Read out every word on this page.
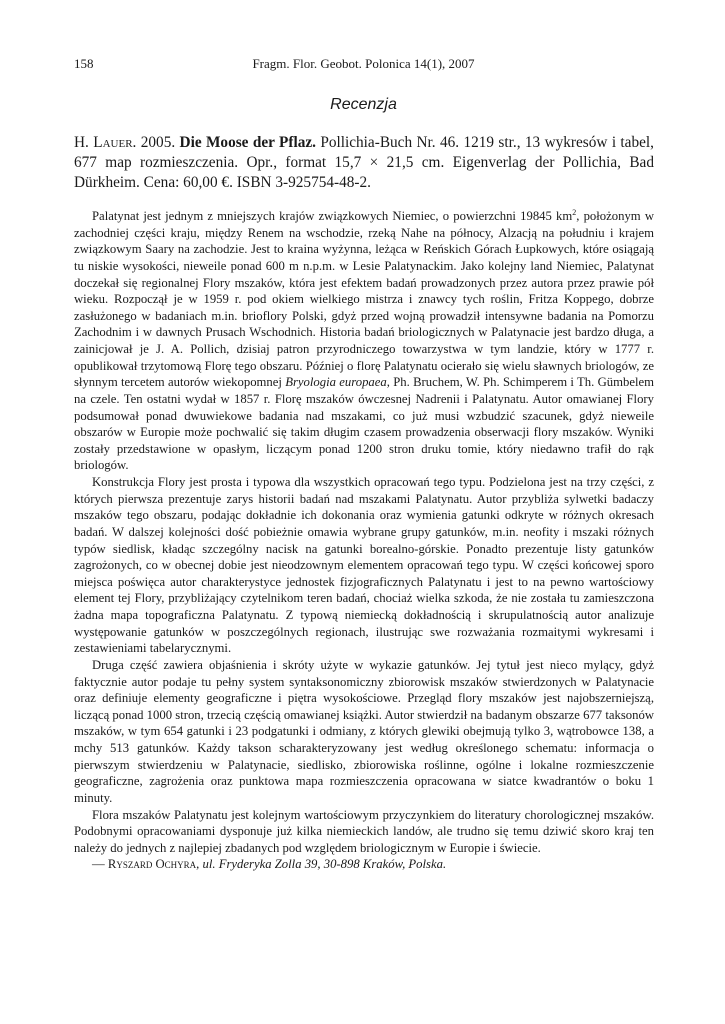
158	Fragm. Flor. Geobot. Polonica 14(1), 2007
Recenzja
H. Lauer. 2005. Die Moose der Pflaz. Pollichia-Buch Nr. 46. 1219 str., 13 wykresów i tabel, 677 map rozmieszczenia. Opr., format 15,7 × 21,5 cm. Eigenverlag der Pollichia, Bad Dürkheim. Cena: 60,00 €. ISBN 3-925754-48-2.

Palatynat jest jednym z mniejszych krajów związkowych Niemiec, o powierzchni 19845 $km^2$, położonym w zachodniej części kraju, między Renem na wschodzie, rzeką Nahe na północy, Alzacją na południu i krajem związkowym Saary na zachodzie. Jest to kraina wyżynna, leżąca w Reńskich Górach Łupkowych, które osiągają tu niskie wysokości, nieweile ponad 600 m n.p.m. w Lesie Palatynackim. Jako kolejny land Niemiec, Palatynat doczekał się regionalnej Flory mszaków, która jest efektem badań prowadzonych przez autora przez prawie pół wieku. Rozpoczął je w 1959 r. pod okiem wielkiego mistrza i znawcy tych roślin, Fritza Koppego, dobrze zasłużonego w badaniach m.in. brioflory Polski, gdyż przed wojną prowadził intensywne badania na Pomorzu Zachodnim i w dawnych Prusach Wschodnich. Historia badań briologicznych w Palatynacie jest bardzo długa, a zainicjował je J. A. Pollich, dzisiaj patron przyrodniczego towarzystwa w tym landzie, który w 1777 r. opublikował trzytomową Florę tego obszaru. Później o florę Palatynatu ocierało się wielu sławnych briologów, ze słynnym tercetem autorów wiekopomnej Bryologia europaea, Ph. Bruchem, W. Ph. Schimperem i Th. Gümbelem na czele. Ten ostatni wydał w 1857 r. Florę mszaków ówczesnej Nadrenii i Palatynatu. Autor omawianej Flory podsumował ponad dwuwiekowe badania nad mszakami, co już musi wzbudzić szacunek, gdyż nieweile obszarów w Europie może pochwalić się takim długim czasem prowadzenia obserwacji flory mszaków. Wyniki zostały przedstawione w opasłym, liczącym ponad 1200 stron druku tomie, który niedawno trafił do rąk briologów.

Konstrukcja Flory jest prosta i typowa dla wszystkich opracowań tego typu. Podzielona jest na trzy części, z których pierwsza prezentuje zarys historii badań nad mszakami Palatynatu. Autor przybliża sylwetki badaczy mszaków tego obszaru, podając dokładnie ich dokonania oraz wymienia gatunki odkryte w różnych okresach badań. W dalszej kolejności dość pobieżnie omawia wybrane grupy gatunków, m.in. neofity i mszaki różnych typów siedlisk, kładąc szczególny nacisk na gatunki borealno-górskie. Ponadto prezentuje listy gatunków zagrożonych, co w obecnej dobie jest nieodzownym elementem opracowań tego typu. W części końcowej sporo miejsca poświęca autor charakterystyce jednostek fizjograficznych Palatynatu i jest to na pewno wartościowy element tej Flory, przybliżający czytelnikom teren badań, chociaż wielka szkoda, że nie została tu zamieszczona żadna mapa topograficzna Palatynatu. Z typową niemiecką dokładnością i skrupulatnością autor analizuje występowanie gatunków w poszczególnych regionach, ilustrując swe rozważania rozmaitymi wykresami i zestawieniami tabelarycznymi.

Druga część zawiera objaśnienia i skróty użyte w wykazie gatunków. Jej tytuł jest nieco mylący, gdyż faktycznie autor podaje tu pełny system syntaksonomiczny zbiorowisk mszaków stwierdzonych w Palatynacie oraz definiuje elementy geograficzne i piętra wysokościowe. Przegląd flory mszaków jest najobszerniejszą, liczącą ponad 1000 stron, trzecią częścią omawianej książki. Autor stwierdził na badanym obszarze 677 taksonów mszaków, w tym 654 gatunki i 23 podgatunki i odmiany, z których glewiki obejmują tylko 3, wątrobowce 138, a mchy 513 gatunków. Każdy takson scharakteryzowany jest według określonego schematu: informacja o pierwszym stwierdzeniu w Palatynacie, siedlisko, zbiorowiska roślinne, ogólne i lokalne rozmieszczenie geograficzne, zagrożenia oraz punktowa mapa rozmieszczenia opracowana w siatce kwadrantów o boku 1 minuty.

Flora mszaków Palatynatu jest kolejnym wartościowym przyczynkiem do literatury chorologicznej mszaków. Podobnymi opracowaniami dysponuje już kilka niemieckich landów, ale trudno się temu dziwić skoro kraj ten należy do jednych z najlepiej zbadanych pod względem briologicznym w Europie i świecie.

— Ryszard Ochyra, ul. Fryderyka Zolla 39, 30-898 Kraków, Polska.
